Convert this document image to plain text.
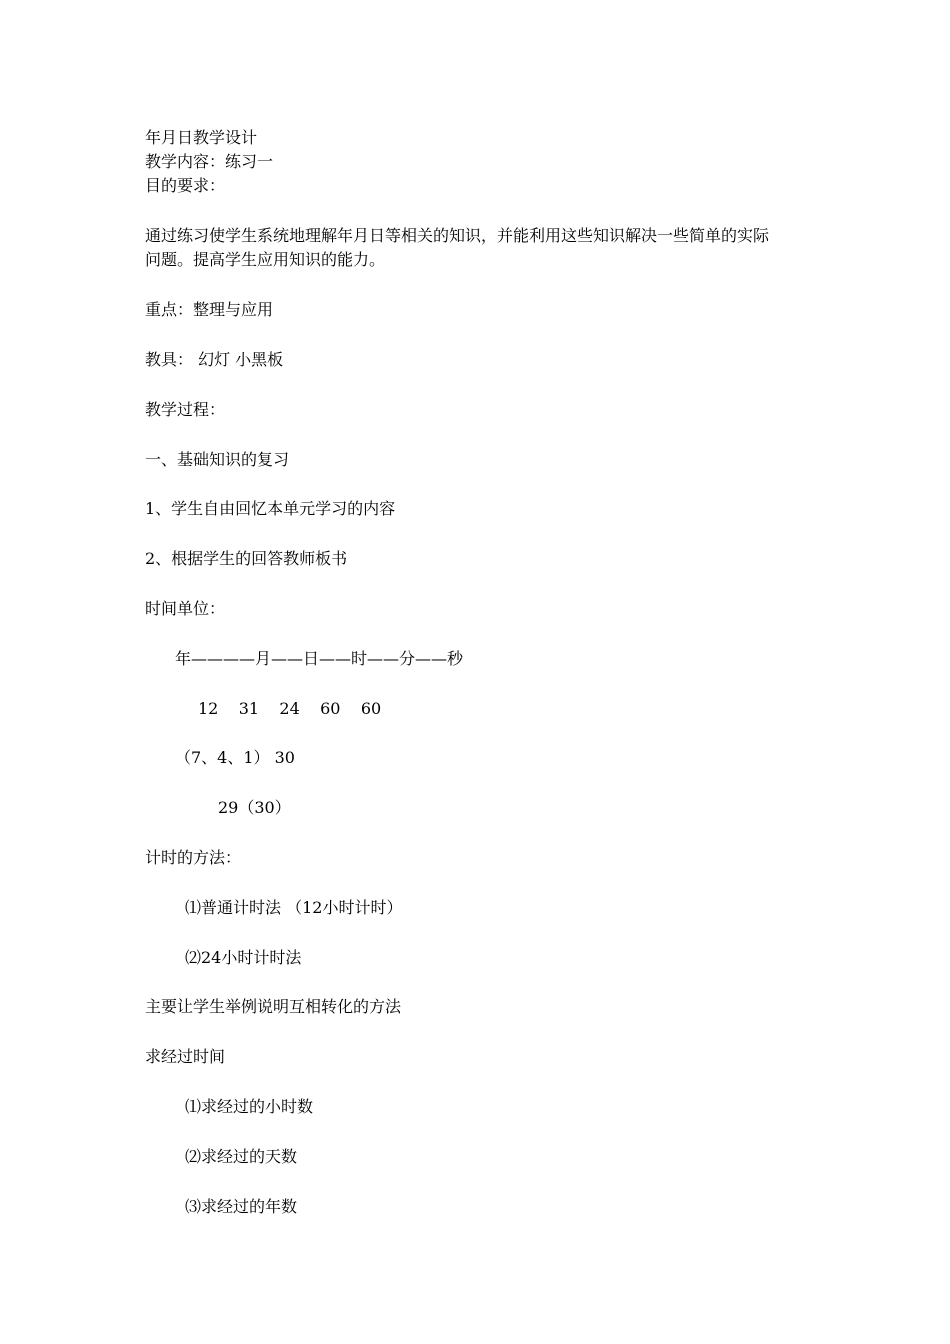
年月日教学设计
教学内容：练习一
目的要求：
通过练习使学生系统地理解年月日等相关的知识，并能利用这些知识解决一些简单的实际
问题。提高学生应用知识的能力。
重点：整理与应用
教具： 幻灯 小黑板
教学过程：
一、基础知识的复习
1、学生自由回忆本单元学习的内容
2、根据学生的回答教师板书
时间单位：
年————月——日——时——分——秒
12    31    24    60    60
（7、4、1） 30
29（30）
计时的方法：
⑴普通计时法 （12小时计时）
⑵24小时计时法
主要让学生举例说明互相转化的方法
求经过时间
⑴求经过的小时数
⑵求经过的天数
⑶求经过的年数
